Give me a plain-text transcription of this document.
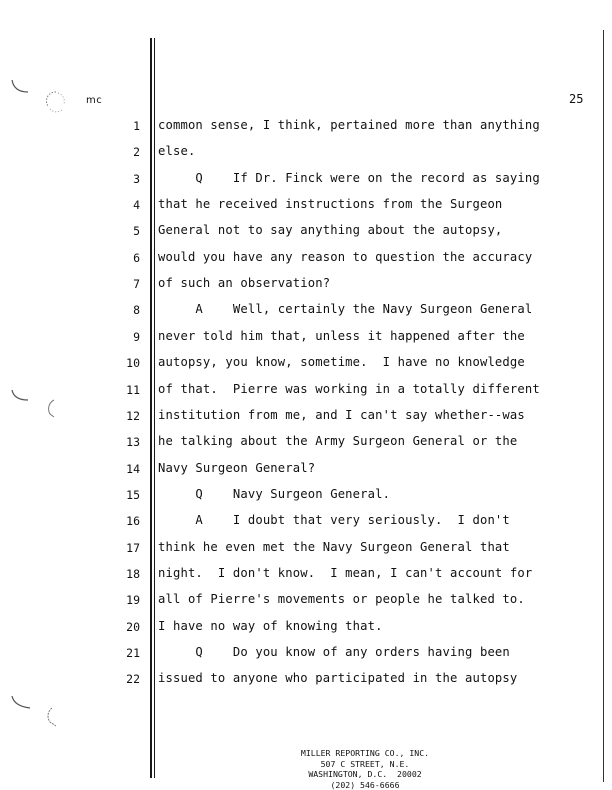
mc	25
1 common sense, I think, pertained more than anything
2 else.
3 Q    If Dr. Finck were on the record as saying
4 that he received instructions from the Surgeon
5 General not to say anything about the autopsy,
6 would you have any reason to question the accuracy
7 of such an observation?
8 A    Well, certainly the Navy Surgeon General
9 never told him that, unless it happened after the
10 autopsy, you know, sometime.  I have no knowledge
11 of that.  Pierre was working in a totally different
12 institution from me, and I can't say whether--was
13 he talking about the Army Surgeon General or the
14 Navy Surgeon General?
15 Q    Navy Surgeon General.
16 A    I doubt that very seriously.  I don't
17 think he even met the Navy Surgeon General that
18 night.  I don't know.  I mean, I can't account for
19 all of Pierre's movements or people he talked to.
20 I have no way of knowing that.
21 Q    Do you know of any orders having been
22 issued to anyone who participated in the autopsy
MILLER REPORTING CO., INC.
507 C STREET, N.E.
WASHINGTON, D.C.  20002
(202) 546-6666
